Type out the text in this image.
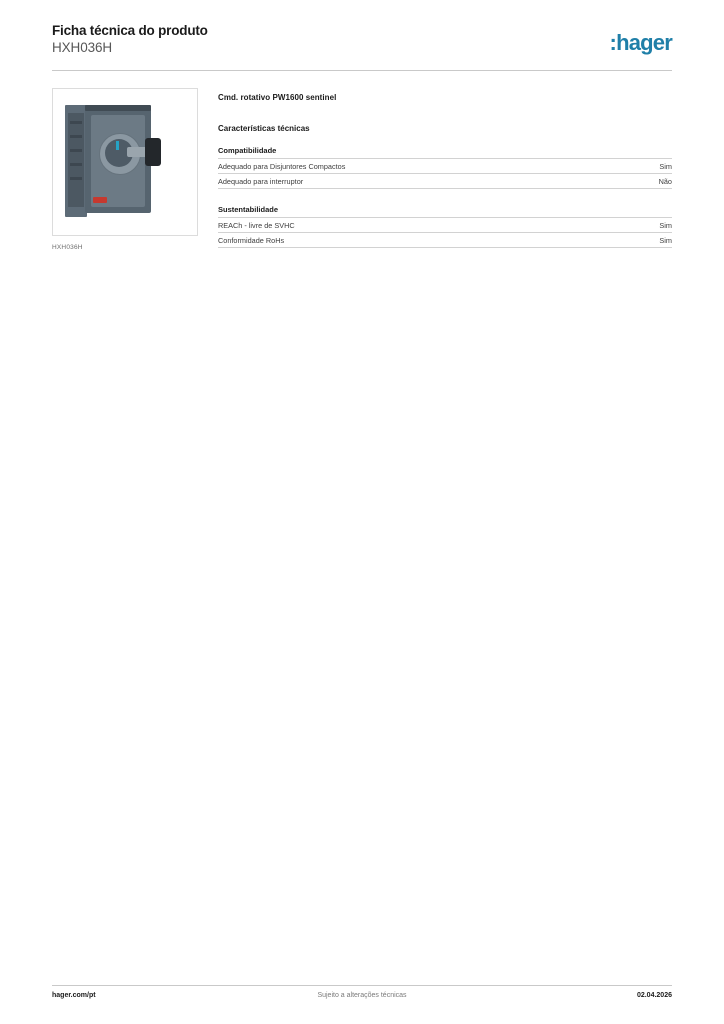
Ficha técnica do produto
HXH036H	:hager
HXH036H
Cmd. rotativo PW1600 sentinel
Características técnicas
Compatibilidade
Adequado para Disjuntores Compactos	Sim
Adequado para interruptor	Não
Sustentabilidade
REACh - livre de SVHC	Sim
Conformidade RoHs	Sim
hager.com/pt	Sujeito a alterações técnicas	02.04.2026
